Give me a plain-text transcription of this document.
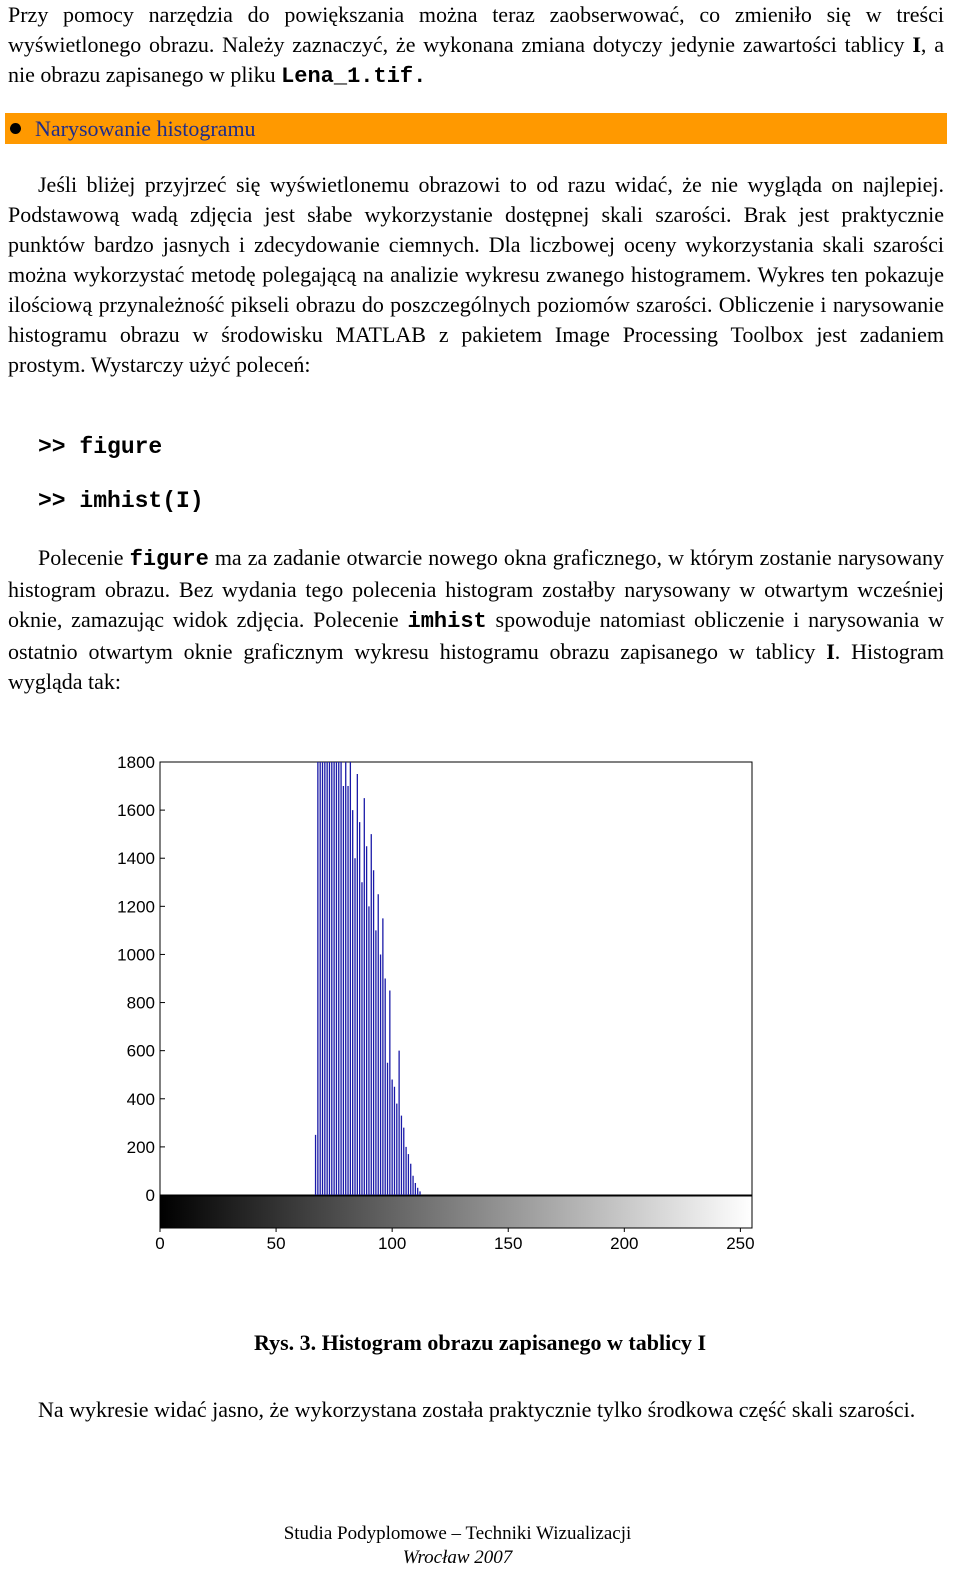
Przy pomocy narzędzia do powiększania można teraz zaobserwować, co zmieniło się w treści wyświetlonego obrazu. Należy zaznaczyć, że wykonana zmiana dotyczy jedynie zawartości tablicy I, a nie obrazu zapisanego w pliku Lena_1.tif.

Narysowanie histogramu

Jeśli bliżej przyjrzeć się wyświetlonemu obrazowi to od razu widać, że nie wygląda on najlepiej. Podstawową wadą zdjęcia jest słabe wykorzystanie dostępnej skali szarości. Brak jest praktycznie punktów bardzo jasnych i zdecydowanie ciemnych. Dla liczbowej oceny wykorzystania skali szarości można wykorzystać metodę polegającą na analizie wykresu zwanego histogramem. Wykres ten pokazuje ilościową przynależność pikseli obrazu do poszczególnych poziomów szarości. Obliczenie i narysowanie histogramu obrazu w środowisku MATLAB z pakietem Image Processing Toolbox jest zadaniem prostym. Wystarczy użyć poleceń:

>> figure
>> imhist(I)

Polecenie figure ma za zadanie otwarcie nowego okna graficznego, w którym zostanie narysowany histogram obrazu. Bez wydania tego polecenia histogram zostałby narysowany w otwartym wcześniej oknie, zamazując widok zdjęcia. Polecenie imhist spowoduje natomiast obliczenie i narysowania w ostatnio otwartym oknie graficznym wykresu histogramu obrazu zapisanego w tablicy I. Histogram wygląda tak:

0
200
400
600
800
1000
1200
1400
1600
1800
0	50	100	150	200	250
Rys. 3. Histogram obrazu zapisanego w tablicy I

Na wykresie widać jasno, że wykorzystana została praktycznie tylko środkowa część skali szarości.

Studia Podyplomowe – Techniki Wizualizacji
Wrocław 2007
